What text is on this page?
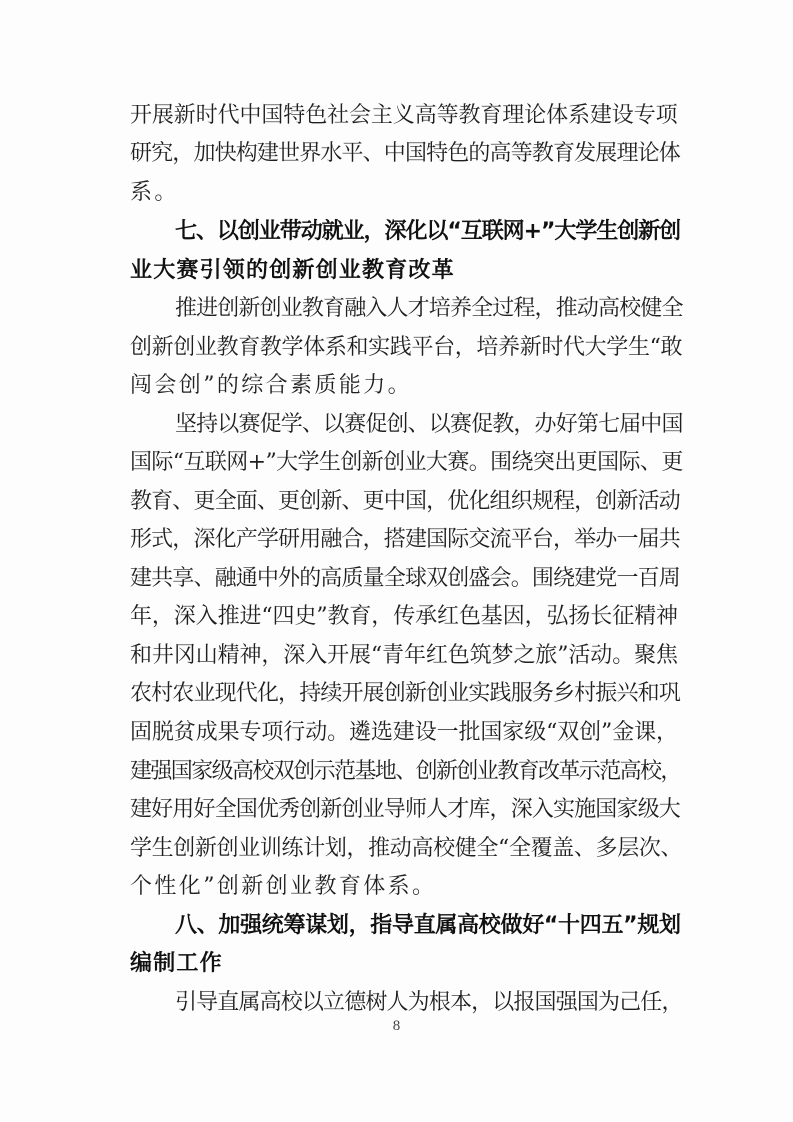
开展新时代中国特色社会主义高等教育理论体系建设专项
研究，加快构建世界水平、中国特色的高等教育发展理论体
系。
七、以创业带动就业，深化以“互联网+”大学生创新创
业大赛引领的创新创业教育改革
推进创新创业教育融入人才培养全过程，推动高校健全
创新创业教育教学体系和实践平台，培养新时代大学生“敢
闯会创”的综合素质能力。
坚持以赛促学、以赛促创、以赛促教，办好第七届中国
国际“互联网+”大学生创新创业大赛。围绕突出更国际、更
教育、更全面、更创新、更中国，优化组织规程，创新活动
形式，深化产学研用融合，搭建国际交流平台，举办一届共
建共享、融通中外的高质量全球双创盛会。围绕建党一百周
年，深入推进“四史”教育，传承红色基因，弘扬长征精神
和井冈山精神，深入开展“青年红色筑梦之旅”活动。聚焦
农村农业现代化，持续开展创新创业实践服务乡村振兴和巩
固脱贫成果专项行动。遴选建设一批国家级“双创”金课，
建强国家级高校双创示范基地、创新创业教育改革示范高校，
建好用好全国优秀创新创业导师人才库，深入实施国家级大
学生创新创业训练计划，推动高校健全“全覆盖、多层次、
个性化”创新创业教育体系。
八、加强统筹谋划，指导直属高校做好“十四五”规划
编制工作
引导直属高校以立德树人为根本，以报国强国为己任，
8
